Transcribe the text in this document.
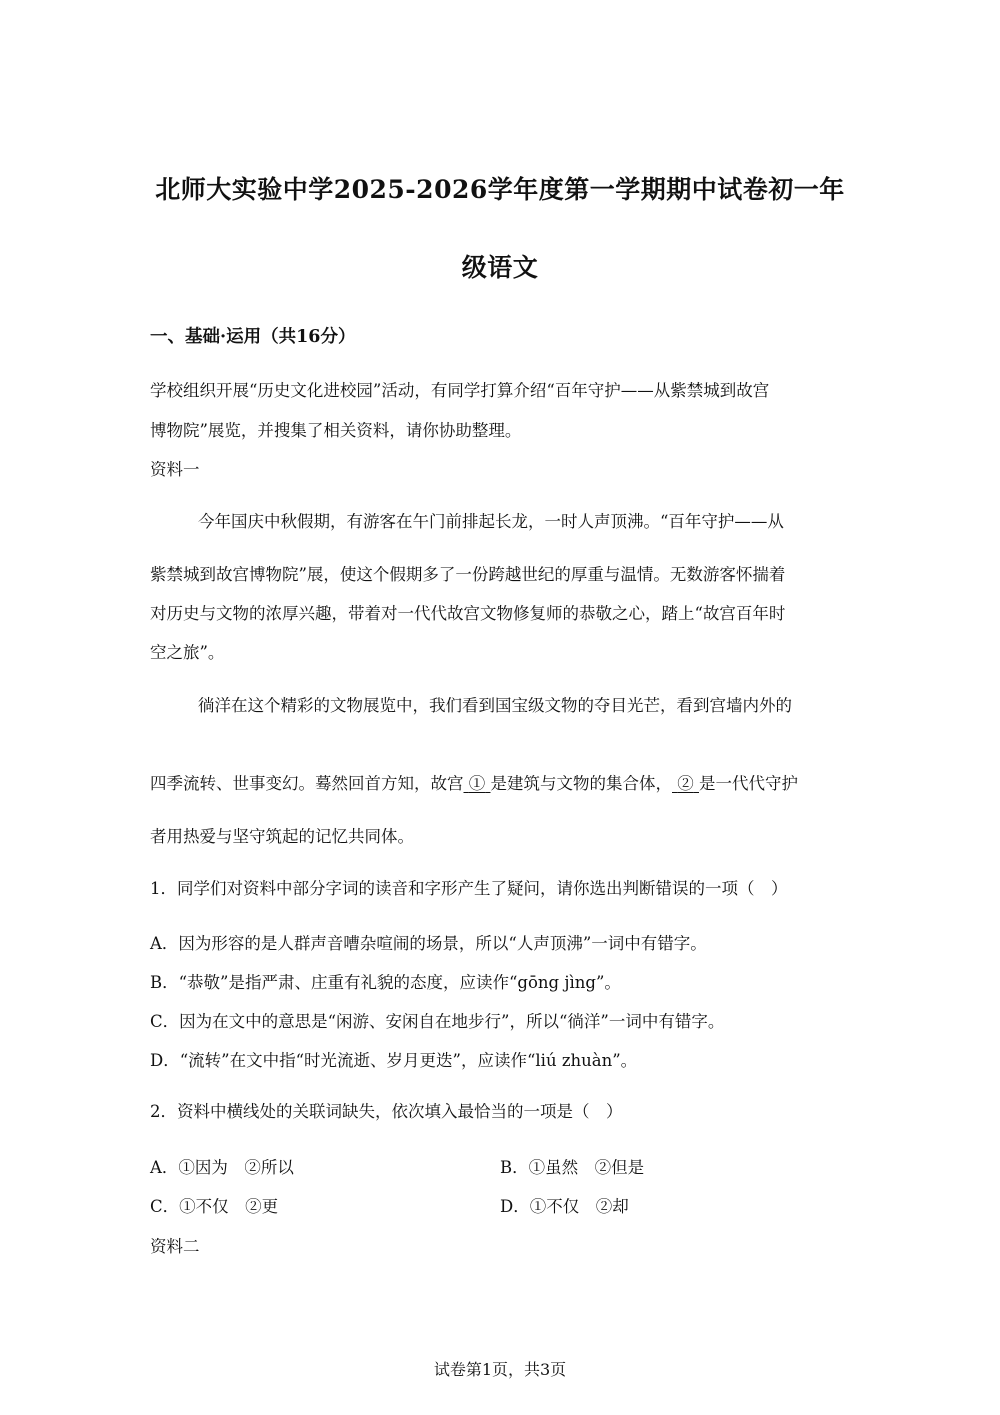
北师大实验中学2025-2026学年度第一学期期中试卷初一年
级语文
一、基础·运用（共16分）
学校组织开展“历史文化进校园”活动，有同学打算介绍“百年守护——从紫禁城到故宫
博物院”展览，并搜集了相关资料，请你协助整理。
资料一
今年国庆中秋假期，有游客在午门前排起长龙，一时人声顶沸。“百年守护——从
紫禁城到故宫博物院”展，使这个假期多了一份跨越世纪的厚重与温情。无数游客怀揣着
对历史与文物的浓厚兴趣，带着对一代代故宫文物修复师的恭敬之心，踏上“故宫百年时
空之旅”。
徜洋在这个精彩的文物展览中，我们看到国宝级文物的夺目光芒，看到宫墙内外的
四季流转、世事变幻。蓦然回首方知，故宫 ① 是建筑与文物的集合体， ② 是一代代守护
者用热爱与坚守筑起的记忆共同体。
1．同学们对资料中部分字词的读音和字形产生了疑问，请你选出判断错误的一项（　）
A．因为形容的是人群声音嘈杂喧闹的场景，所以“人声顶沸”一词中有错字。
B．“恭敬”是指严肃、庄重有礼貌的态度，应读作“gōng jìng”。
C．因为在文中的意思是“闲游、安闲自在地步行”，所以“徜洋”一词中有错字。
D．“流转”在文中指“时光流逝、岁月更迭”，应读作“liú zhuàn”。
2．资料中横线处的关联词缺失，依次填入最恰当的一项是（　）
A．①因为　②所以	B．①虽然　②但是
C．①不仅　②更	D．①不仅　②却
资料二
试卷第1页，共3页
